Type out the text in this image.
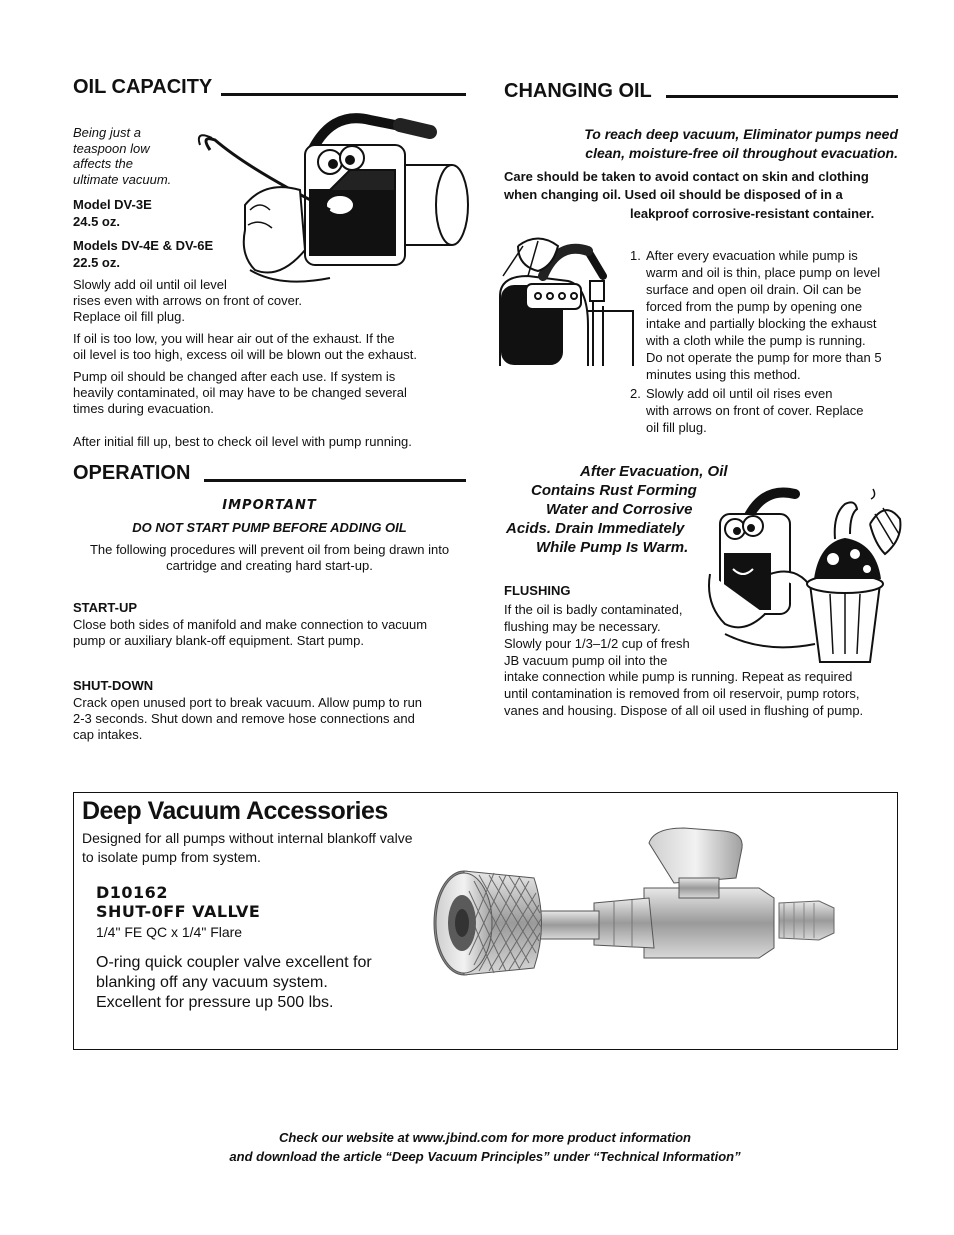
OIL CAPACITY
Being just a
teaspoon low
affects the
ultimate vacuum.
Model DV-3E
24.5 oz.
Models DV-4E & DV-6E
22.5 oz.
Slowly add oil until oil level
rises even with arrows on front of cover.
Replace oil fill plug.
If oil is too low, you will hear air out of the exhaust. If the
oil level is too high, excess oil will be blown out the exhaust.
Pump oil should be changed after each use. If system is
heavily contaminated, oil may have to be changed several
times during evacuation.
After initial fill up, best to check oil level with pump running.
OPERATION
IMPORTANT
DO NOT START PUMP BEFORE ADDING OIL
The following procedures will prevent oil from being drawn into
cartridge and creating hard start-up.
START-UP
Close both sides of manifold and make connection to vacuum
pump or auxiliary blank-off equipment. Start pump.
SHUT-DOWN
Crack open unused port to break vacuum. Allow pump to run
2-3 seconds. Shut down and remove hose connections and
cap intakes.
CHANGING OIL
To reach deep vacuum, Eliminator pumps need
clean, moisture-free oil throughout evacuation.
Care should be taken to avoid contact on skin and clothing
when changing oil. Used oil should be disposed of in a
leakproof corrosive-resistant container.
1. After every evacuation while pump is
warm and oil is thin, place pump on level
surface and open oil drain. Oil can be
forced from the pump by opening one
intake and partially blocking the exhaust
with a cloth while the pump is running.
Do not operate the pump for more than 5
minutes using this method.
2. Slowly add oil until oil rises even
with arrows on front of cover. Replace
oil fill plug.
After Evacuation, Oil
Contains Rust Forming
Water and Corrosive
Acids. Drain Immediately
While Pump Is Warm.
FLUSHING
If the oil is badly contaminated,
flushing may be necessary.
Slowly pour 1/3–1/2 cup of fresh
JB vacuum pump oil into the
intake connection while pump is running. Repeat as required
until contamination is removed from oil reservoir, pump rotors,
vanes and housing. Dispose of all oil used in flushing of pump.
Deep Vacuum Accessories
Designed for all pumps without internal blankoff valve
to isolate pump from system.
D10162
SHUT-0FF VALLVE
1/4" FE QC x 1/4" Flare
O-ring quick coupler valve excellent for
blanking off any vacuum system.
Excellent for pressure up 500 lbs.
Check our website at www.jbind.com for more product information
and download the article “Deep Vacuum Principles” under “Technical Information”
